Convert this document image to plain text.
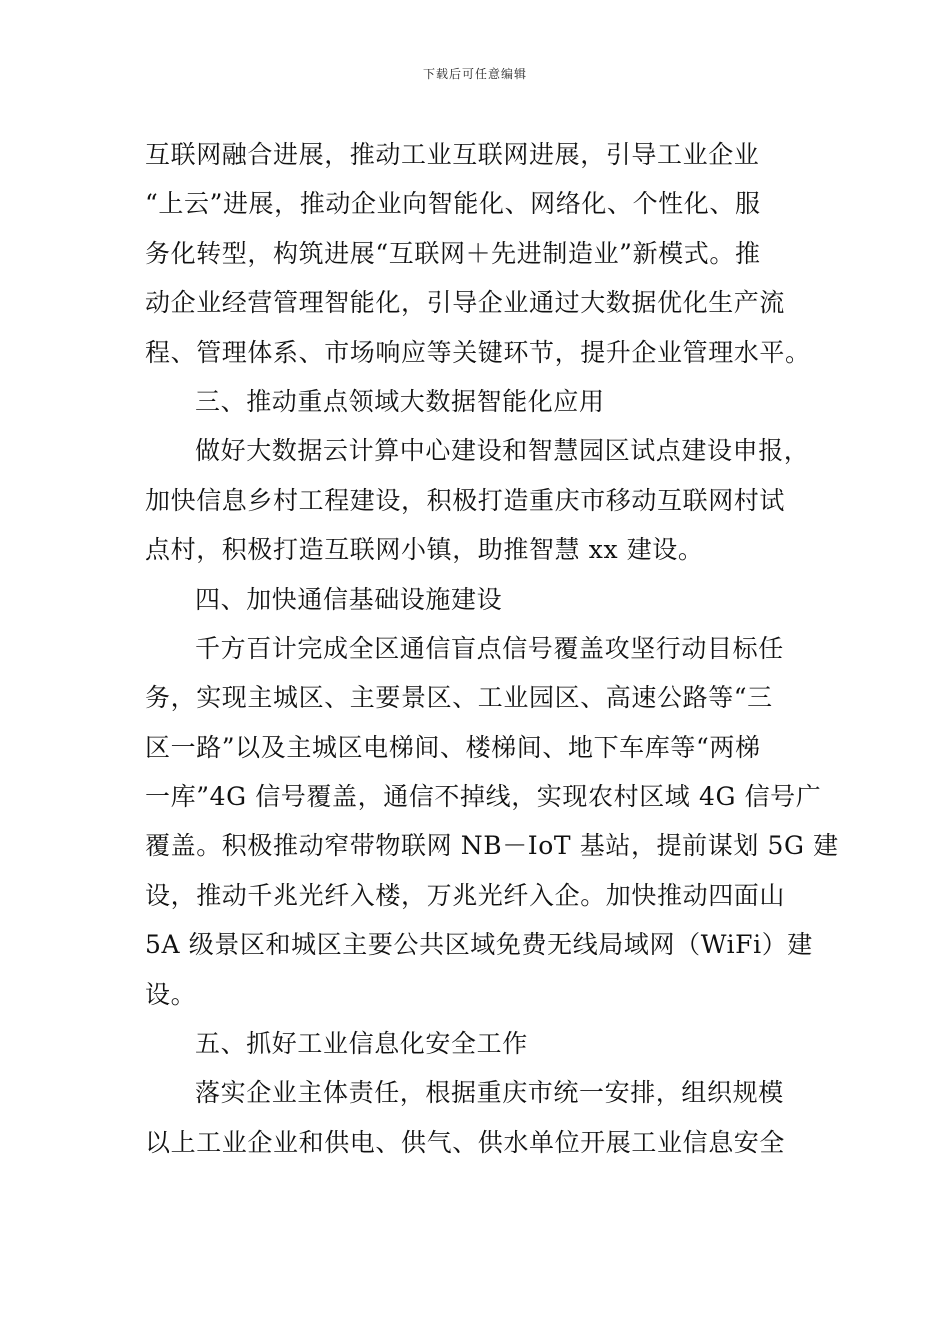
下载后可任意编辑
互联网融合进展，推动工业互联网进展，引导工业企业
“上云”进展，推动企业向智能化、网络化、个性化、服
务化转型，构筑进展“互联网＋先进制造业”新模式。推
动企业经营管理智能化，引导企业通过大数据优化生产流
程、管理体系、市场响应等关键环节，提升企业管理水平。
三、推动重点领域大数据智能化应用
做好大数据云计算中心建设和智慧园区试点建设申报，
加快信息乡村工程建设，积极打造重庆市移动互联网村试
点村，积极打造互联网小镇，助推智慧 xx 建设。
四、加快通信基础设施建设
千方百计完成全区通信盲点信号覆盖攻坚行动目标任
务，实现主城区、主要景区、工业园区、高速公路等“三
区一路”以及主城区电梯间、楼梯间、地下车库等“两梯
一库”4G 信号覆盖，通信不掉线，实现农村区域 4G 信号广
覆盖。积极推动窄带物联网 NB－IoT 基站，提前谋划 5G 建
设，推动千兆光纤入楼，万兆光纤入企。加快推动四面山
5A 级景区和城区主要公共区域免费无线局域网（WiFi）建
设。
五、抓好工业信息化安全工作
落实企业主体责任，根据重庆市统一安排，组织规模
以上工业企业和供电、供气、供水单位开展工业信息安全
